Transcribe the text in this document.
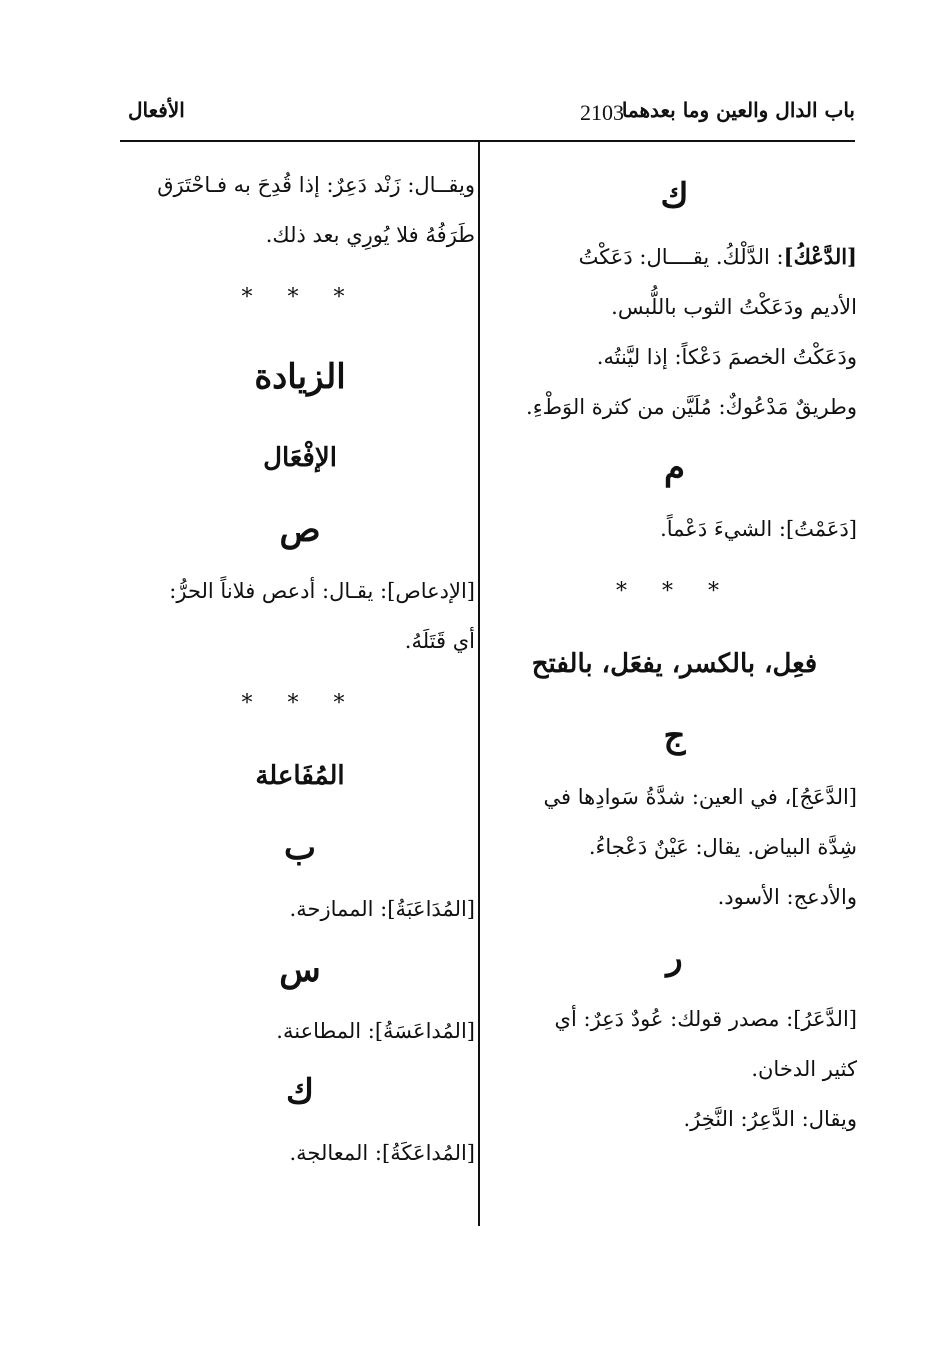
الأفعال	2103
باب الدال والعين وما بعدهما
ك

[الدَّعْكُ]: الدَّلْكُ. يقــــال: دَعَكْتُ

الأديم ودَعَكْتُ الثوب باللُّبس.

ودَعَكْتُ الخصمَ دَعْكاً: إذا ليَّنتُه.

وطريقٌ مَدْعُوكٌ: مُلَيَّن من كثرة الوَطْءِ.

م

[دَعَمْتُ]: الشيءَ دَعْماً.

* * *
فعِل، بالكسر، يفعَل، بالفتح
ج

[الدَّعَجُ]، في العين: شدَّةُ سَوادِها في

شِدَّة البياض. يقال: عَيْنٌ دَعْجاءُ.

والأدعج: الأسود.

ر

[الدَّعَرُ]: مصدر قولك: عُودٌ دَعِرٌ: أي

كثير الدخان.

ويقال: الدَّعِرُ: النَّخِرُ.

ويقــال: زَنْد دَعِرٌ: إذا قُدِحَ به فـاحْتَرَق

طَرَفُهُ فلا يُورِي بعد ذلك.

* * *
الزيادة
الإفْعَال
ص

[الإدعاص]: يقـال: أدعص فلاناً الحرُّ:

أي قَتَلَهُ.

* * *
المُفَاعلة
ب

[المُدَاعَبَةُ]: الممازحة.

س

[المُداعَسَةُ]: المطاعنة.

ك

[المُداعَكَةُ]: المعالجة.
